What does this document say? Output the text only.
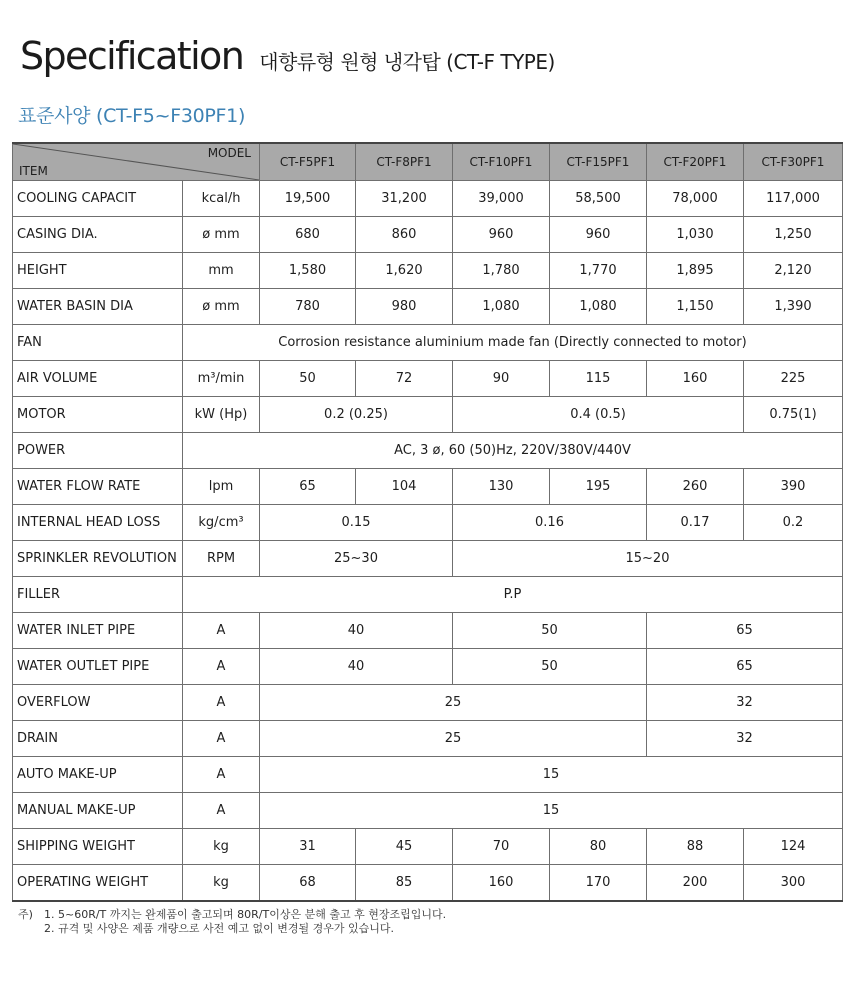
Specification 대향류형 원형 냉각탑 (CT-F TYPE)
표준사양 (CT-F5~F30PF1)
MODEL
ITEM		CT-F5PF1	CT-F8PF1	CT-F10PF1	CT-F15PF1	CT-F20PF1	CT-F30PF1
COOLING CAPACIT	kcal/h	19,500	31,200	39,000	58,500	78,000	117,000
CASING DIA.	ø mm	680	860	960	960	1,030	1,250
HEIGHT	mm	1,580	1,620	1,780	1,770	1,895	2,120
WATER BASIN DIA	ø mm	780	980	1,080	1,080	1,150	1,390
FAN	Corrosion resistance aluminium made fan (Directly connected to motor)						
AIR VOLUME	m³/min	50	72	90	115	160	225
MOTOR	kW (Hp)	0.2 (0.25)		0.4 (0.5)			0.75(1)
POWER	AC, 3 ø, 60 (50)Hz, 220V/380V/440V						
WATER FLOW RATE	lpm	65	104	130	195	260	390
INTERNAL HEAD LOSS	kg/cm³	0.15		0.16		0.17	0.2
SPRINKLER REVOLUTION	RPM	25~30		15~20			
FILLER	P.P						
WATER INLET PIPE	A	40		50		65	
WATER OUTLET PIPE	A	40		50		65	
OVERFLOW	A	25				32	
DRAIN	A	25				32	
AUTO MAKE-UP	A	15					
MANUAL MAKE-UP	A	15					
SHIPPING WEIGHT	kg	31	45	70	80	88	124
OPERATING WEIGHT	kg	68	85	160	170	200	300
주)	1. 5~60R/T 까지는 완제품이 출고되며 80R/T이상은 분해 출고 후 현장조립입니다.
2. 규격 및 사양은 제품 개량으로 사전 예고 없이 변경될 경우가 있습니다.
